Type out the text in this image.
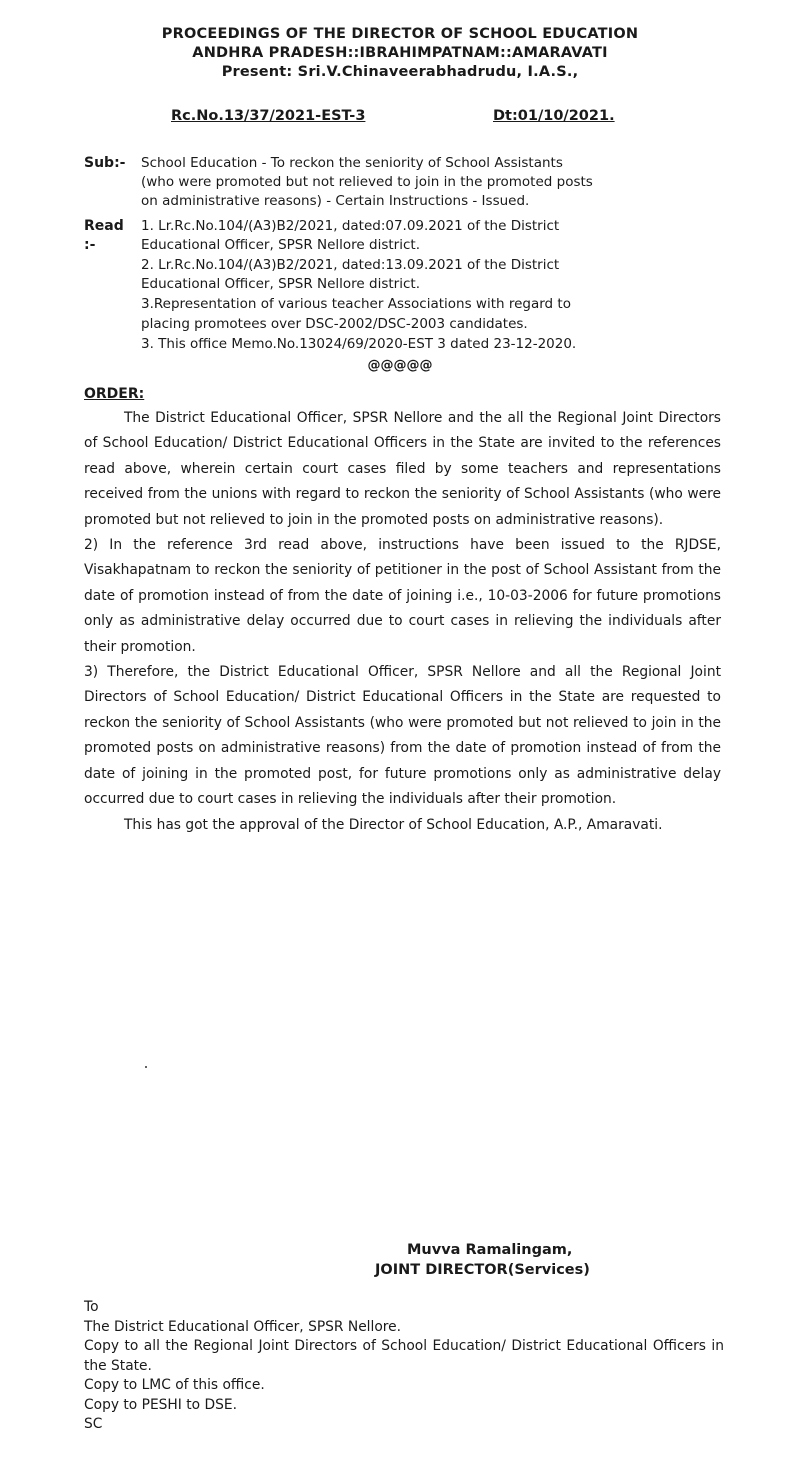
PROCEEDINGS OF THE DIRECTOR OF SCHOOL EDUCATION
ANDHRA PRADESH::IBRAHIMPATNAM::AMARAVATI
Present: Sri.V.Chinaveerabhadrudu, I.A.S.,
Rc.No.13/37/2021-EST-3	Dt:01/10/2021.
Sub:- School Education - To reckon the seniority of School Assistants
(who were promoted but not relieved to join in the promoted posts
on administrative reasons) - Certain Instructions - Issued.
Read
:-
1. Lr.Rc.No.104/(A3)B2/2021, dated:07.09.2021 of the District
Educational Officer, SPSR Nellore district.
2. Lr.Rc.No.104/(A3)B2/2021, dated:13.09.2021 of the District
Educational Officer, SPSR Nellore district.
3.Representation of various teacher Associations with regard to
placing promotees over DSC-2002/DSC-2003 candidates.
3. This office Memo.No.13024/69/2020-EST 3 dated 23-12-2020.
@@@@@
ORDER:

The District Educational Officer, SPSR Nellore and the all the Regional Joint Directors of School Education/ District Educational Officers in the State are invited to the references read above, wherein certain court cases filed by some teachers and representations received from the unions with regard to reckon the seniority of School Assistants (who were promoted but not relieved to join in the promoted posts on administrative reasons).

2) In the reference 3rd read above, instructions have been issued to the RJDSE, Visakhapatnam to reckon the seniority of petitioner in the post of School Assistant from the date of promotion instead of from the date of joining i.e., 10-03-2006 for future promotions only as administrative delay occurred due to court cases in relieving the individuals after their promotion.

3) Therefore, the District Educational Officer, SPSR Nellore and all the Regional Joint Directors of School Education/ District Educational Officers in the State are requested to reckon the seniority of School Assistants (who were promoted but not relieved to join in the promoted posts on administrative reasons) from the date of promotion instead of from the date of joining in the promoted post, for future promotions only as administrative delay occurred due to court cases in relieving the individuals after their promotion.

This has got the approval of the Director of School Education, A.P., Amaravati.

Muvva Ramalingam,
JOINT DIRECTOR(Services)
To
The District Educational Officer, SPSR Nellore.
Copy to all the Regional Joint Directors of School Education/ District Educational Officers in the State.
Copy to LMC of this office.
Copy to PESHI to DSE.
SC
